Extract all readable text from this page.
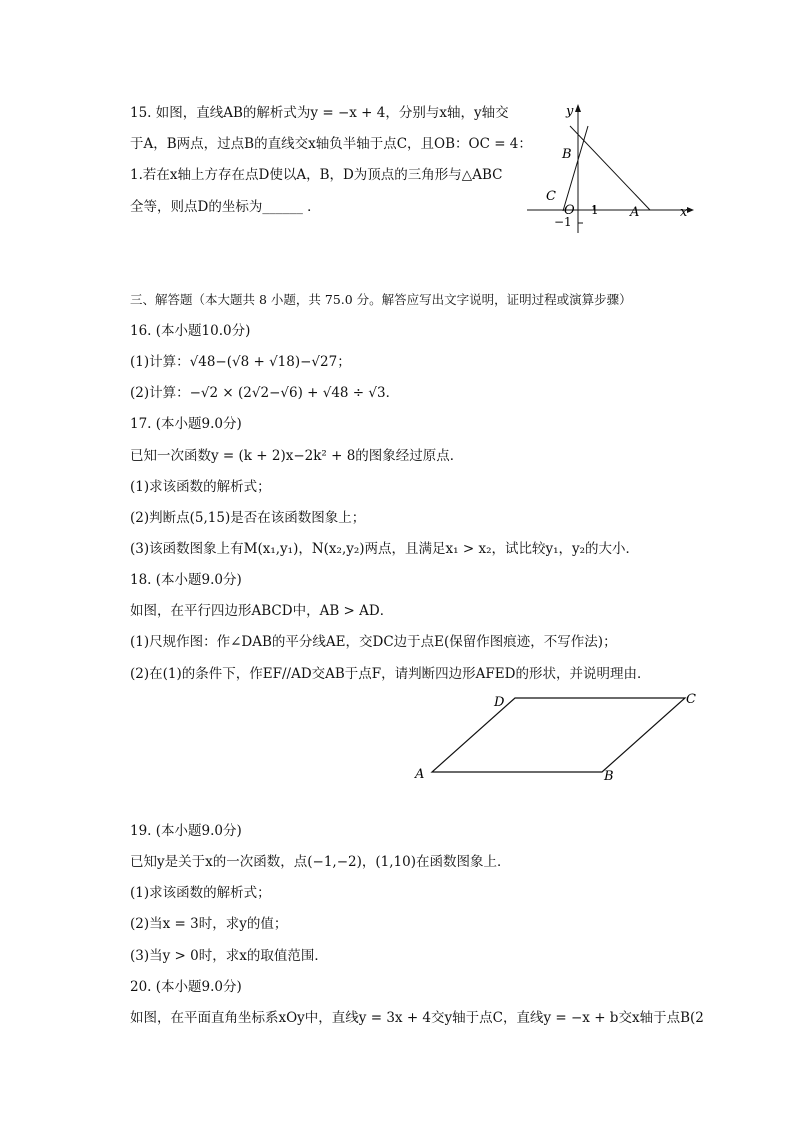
15. 如图，直线AB的解析式为y = −x + 4，分别与x轴，y轴交
于A，B两点，过点B的直线交x轴负半轴于点C，且OB：OC = 4：
1.若在x轴上方存在点D使以A，B，D为顶点的三角形与△ABC
全等，则点D的坐标为______ ．
y
x
B
C
O 1
−1
A
三、解答题（本大题共 8 小题，共 75.0 分。解答应写出文字说明，证明过程或演算步骤）
16. (本小题10.0分)
(1)计算：√48−(√8 + √18)−√27；
(2)计算：−√2 × (2√2−√6) + √48 ÷ √3．
17. (本小题9.0分)
已知一次函数y = (k + 2)x−2k² + 8的图象经过原点．
(1)求该函数的解析式；
(2)判断点(5,15)是否在该函数图象上；
(3)该函数图象上有M(x₁,y₁)，N(x₂,y₂)两点，且满足x₁ > x₂，试比较y₁，y₂的大小．
18. (本小题9.0分)
如图，在平行四边形ABCD中，AB > AD．
(1)尺规作图：作∠DAB的平分线AE，交DC边于点E(保留作图痕迹，不写作法)；
(2)在(1)的条件下，作EF//AD交AB于点F，请判断四边形AFED的形状，并说明理由．
A	B
C
D
19. (本小题9.0分)
已知y是关于x的一次函数，点(−1,−2)，(1,10)在函数图象上．
(1)求该函数的解析式；
(2)当x = 3时，求y的值；
(3)当y > 0时，求x的取值范围．
20. (本小题9.0分)
如图，在平面直角坐标系xOy中，直线y = 3x + 4交y轴于点C，直线y = −x + b交x轴于点B(2
